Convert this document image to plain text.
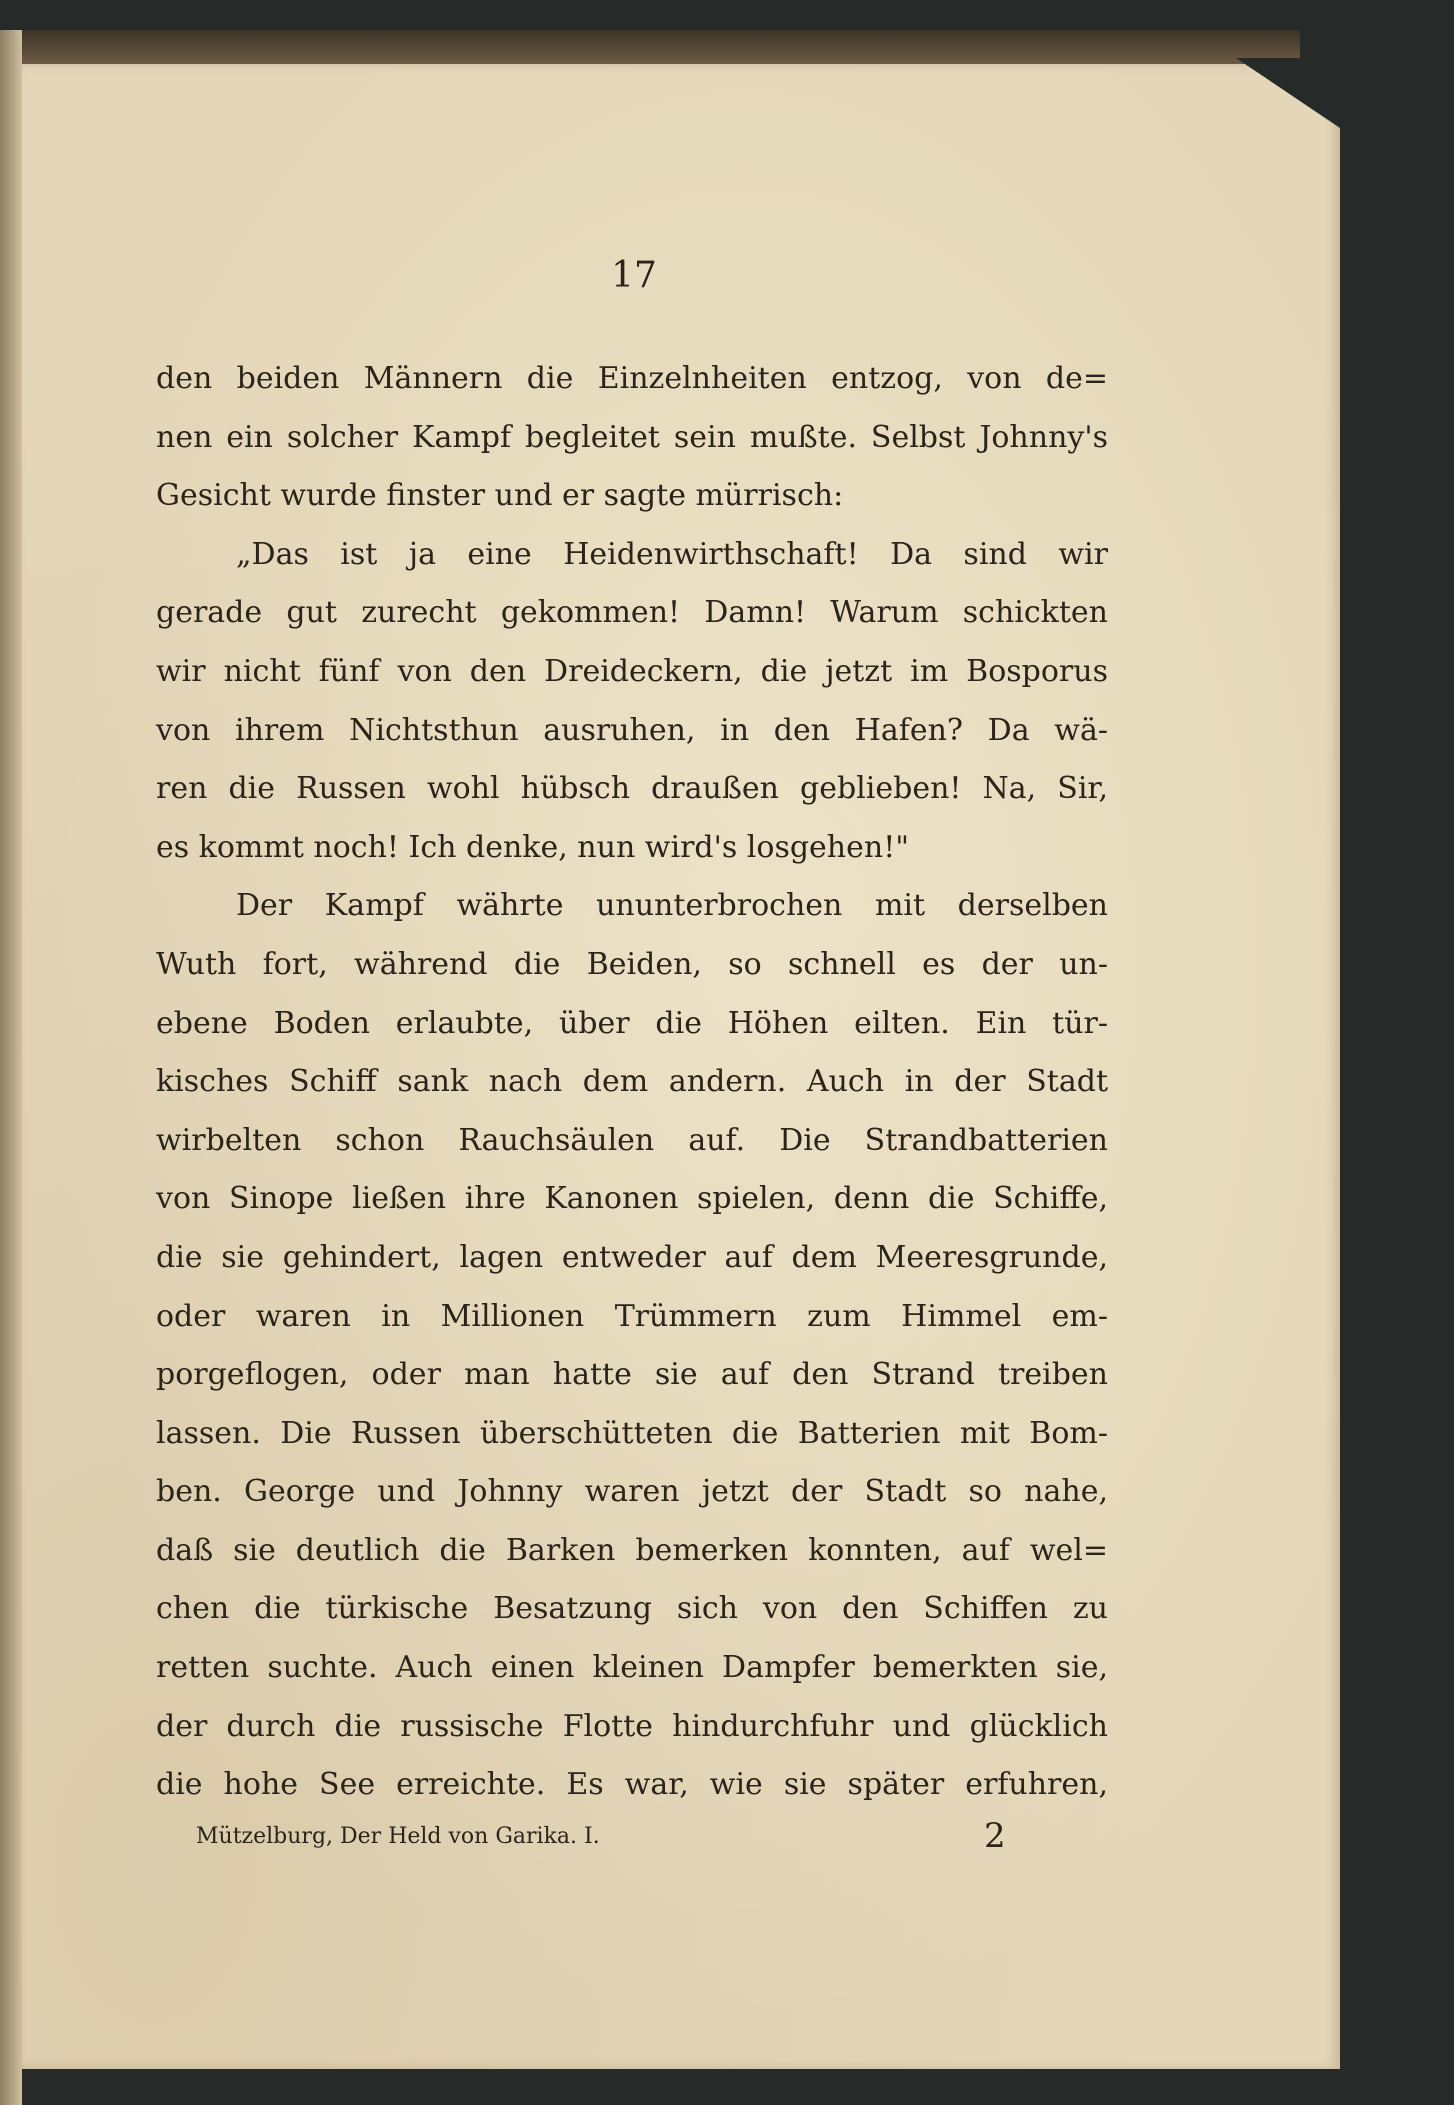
17
den beiden Männern die Einzelnheiten entzog, von de=
nen ein solcher Kampf begleitet sein mußte. Selbst Johnny's
Gesicht wurde finster und er sagte mürrisch:
„Das ist ja eine Heidenwirthschaft! Da sind wir
gerade gut zurecht gekommen! Damn! Warum schickten
wir nicht fünf von den Dreideckern, die jetzt im Bosporus
von ihrem Nichtsthun ausruhen, in den Hafen? Da wä-
ren die Russen wohl hübsch draußen geblieben! Na, Sir,
es kommt noch! Ich denke, nun wird's losgehen!"
Der Kampf währte ununterbrochen mit derselben
Wuth fort, während die Beiden, so schnell es der un-
ebene Boden erlaubte, über die Höhen eilten. Ein tür-
kisches Schiff sank nach dem andern. Auch in der Stadt
wirbelten schon Rauchsäulen auf. Die Strandbatterien
von Sinope ließen ihre Kanonen spielen, denn die Schiffe,
die sie gehindert, lagen entweder auf dem Meeresgrunde,
oder waren in Millionen Trümmern zum Himmel em-
porgeflogen, oder man hatte sie auf den Strand treiben
lassen. Die Russen überschütteten die Batterien mit Bom-
ben. George und Johnny waren jetzt der Stadt so nahe,
daß sie deutlich die Barken bemerken konnten, auf wel=
chen die türkische Besatzung sich von den Schiffen zu
retten suchte. Auch einen kleinen Dampfer bemerkten sie,
der durch die russische Flotte hindurchfuhr und glücklich
die hohe See erreichte. Es war, wie sie später erfuhren,
Mützelburg, Der Held von Garika. I.	2
